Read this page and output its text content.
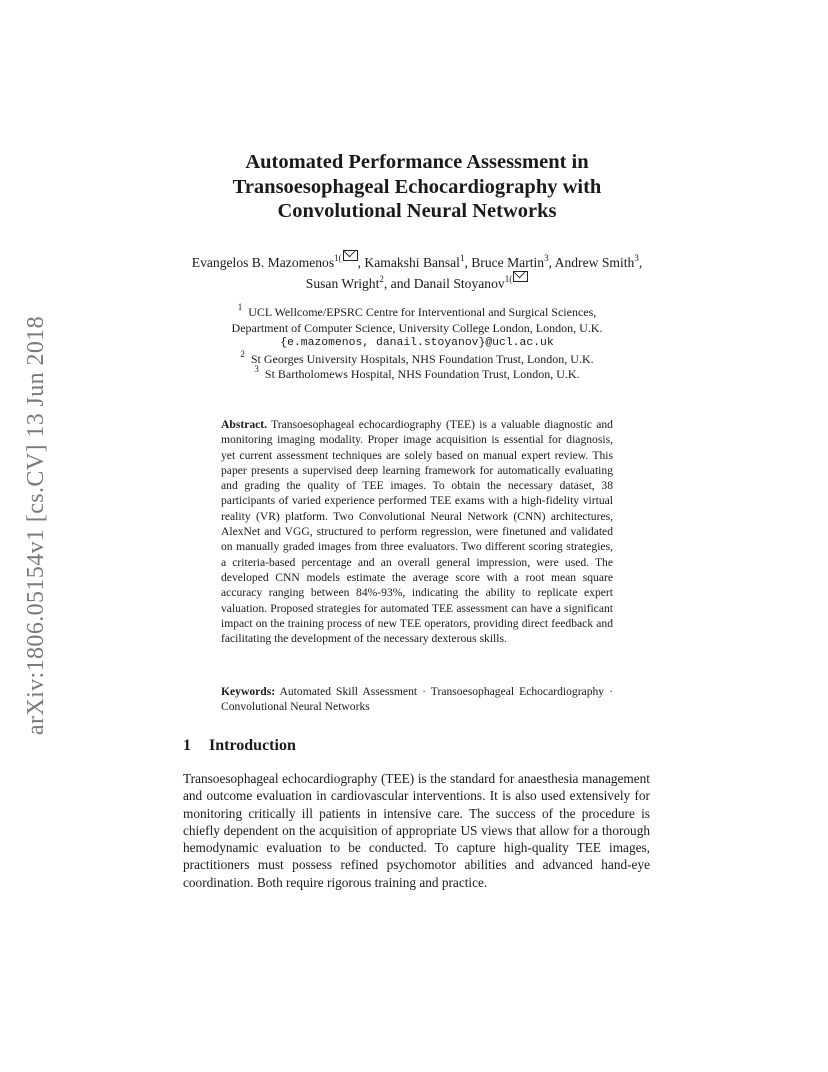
arXiv:1806.05154v1 [cs.CV] 13 Jun 2018
Automated Performance Assessment in
Transoesophageal Echocardiography with
Convolutional Neural Networks
Evangelos B. Mazomenos$^{1(}$ , Kamakshi Bansal$^1$, Bruce Martin$^3$, Andrew Smith$^3$, Susan Wright$^2$, and Danail Stoyanov$^{1(}$
$^1$ UCL Wellcome/EPSRC Centre for Interventional and Surgical Sciences,
Department of Computer Science, University College London, London, U.K.
{e.mazomenos, danail.stoyanov}@ucl.ac.uk
$^2$ St Georges University Hospitals, NHS Foundation Trust, London, U.K.
$^3$ St Bartholomews Hospital, NHS Foundation Trust, London, U.K.
Abstract. Transoesophageal echocardiography (TEE) is a valuable diagnostic and monitoring imaging modality. Proper image acquisition is essential for diagnosis, yet current assessment techniques are solely based on manual expert review. This paper presents a supervised deep learning framework for automatically evaluating and grading the quality of TEE images. To obtain the necessary dataset, 38 participants of varied experience performed TEE exams with a high-fidelity virtual reality (VR) platform. Two Convolutional Neural Network (CNN) architectures, AlexNet and VGG, structured to perform regression, were finetuned and validated on manually graded images from three evaluators. Two different scoring strategies, a criteria-based percentage and an overall general impression, were used. The developed CNN models estimate the average score with a root mean square accuracy ranging between 84%-93%, indicating the ability to replicate expert valuation. Proposed strategies for automated TEE assessment can have a significant impact on the training process of new TEE operators, providing direct feedback and facilitating the development of the necessary dexterous skills.
Keywords: Automated Skill Assessment · Transoesophageal Echocardiography · Convolutional Neural Networks
1 Introduction

Transoesophageal echocardiography (TEE) is the standard for anaesthesia management and outcome evaluation in cardiovascular interventions. It is also used extensively for monitoring critically ill patients in intensive care. The success of the procedure is chiefly dependent on the acquisition of appropriate US views that allow for a thorough hemodynamic evaluation to be conducted. To capture high-quality TEE images, practitioners must possess refined psychomotor abilities and advanced hand-eye coordination. Both require rigorous training and practice.
